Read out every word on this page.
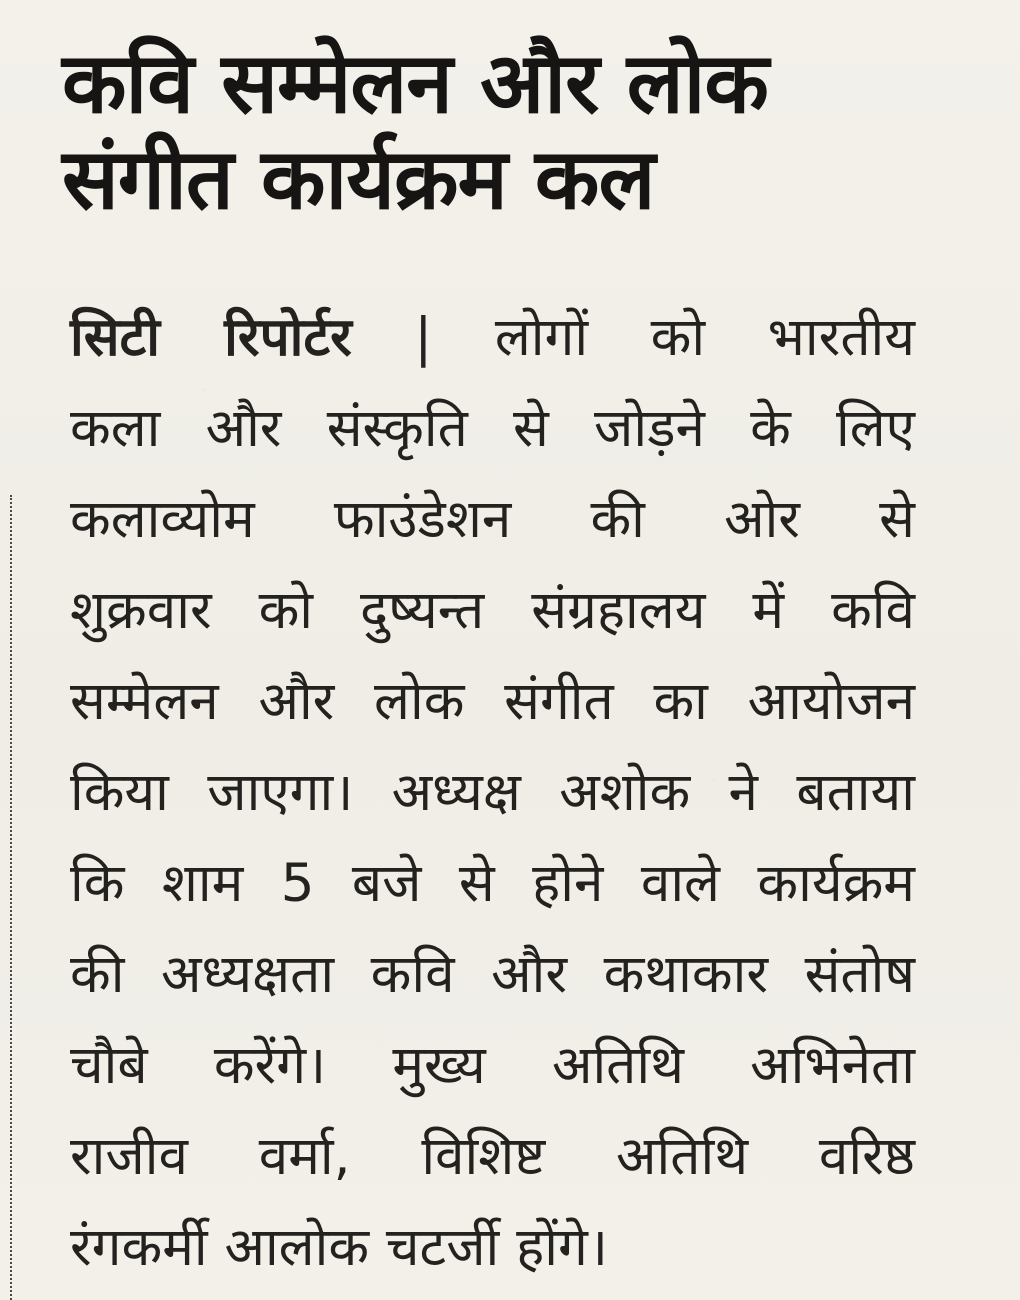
कवि सम्मेलन और लोक
संगीत कार्यक्रम कल
सिटी रिपोर्टर | लोगों को भारतीय
कला और संस्कृति से जोड़ने के लिए
कलाव्योम फाउंडेशन की ओर से
शुक्रवार को दुष्यन्त संग्रहालय में कवि
सम्मेलन और लोक संगीत का आयोजन
किया जाएगा। अध्यक्ष अशोक ने बताया
कि शाम 5 बजे से होने वाले कार्यक्रम
की अध्यक्षता कवि और कथाकार संतोष
चौबे करेंगे। मुख्य अतिथि अभिनेता
राजीव वर्मा, विशिष्ट अतिथि वरिष्ठ
रंगकर्मी आलोक चटर्जी होंगे।
